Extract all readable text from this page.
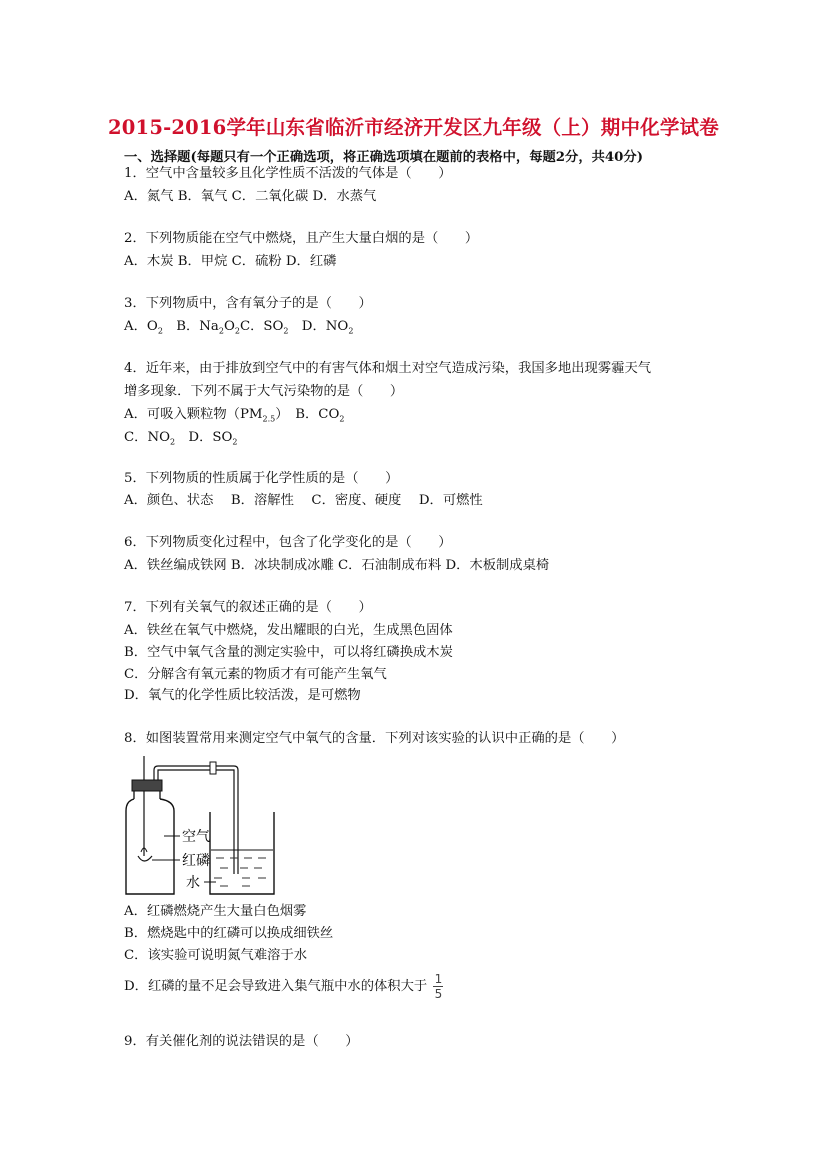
2015-2016学年山东省临沂市经济开发区九年级（上）期中化学试卷
一、选择题(每题只有一个正确选项，将正确选项填在题前的表格中，每题2分，共40分)
1．空气中含量较多且化学性质不活泼的气体是（　　）
A．氮气 B．氧气 C．二氧化碳 D．水蒸气
2．下列物质能在空气中燃烧，且产生大量白烟的是（　　）
A．木炭 B．甲烷 C．硫粉 D．红磷
3．下列物质中，含有氧分子的是（　　）
A．$O_2$　B．$Na_2O_2C$．$SO_2$　D．$NO_2$
4．近年来，由于排放到空气中的有害气体和烟土对空气造成污染，我国多地出现雾霾天气
增多现象．下列不属于大气污染物的是（　　）
A．可吸入颗粒物$(PM_{2.5})$　B．$CO_2$
C．$NO_2$　D．$SO_2$
5．下列物质的性质属于化学性质的是（　　）
A．颜色、状态　 B．溶解性　 C．密度、硬度　 D．可燃性
6．下列物质变化过程中，包含了化学变化的是（　　）
A．铁丝编成铁网 B．冰块制成冰雕 C．石油制成布料 D．木板制成桌椅
7．下列有关氧气的叙述正确的是（　　）
A．铁丝在氧气中燃烧，发出耀眼的白光，生成黑色固体
B．空气中氧气含量的测定实验中，可以将红磷换成木炭
C．分解含有氧元素的物质才有可能产生氧气
D．氧气的化学性质比较活泼，是可燃物
8．如图装置常用来测定空气中氧气的含量．下列对该实验的认识中正确的是（　　）
空气
红磷
水
A．红磷燃烧产生大量白色烟雾
B．燃烧匙中的红磷可以换成细铁丝
C．该实验可说明氮气难溶于水
D．红磷的量不足会导致进入集气瓶中水的体积大于 $\frac{1}{5}$
9．有关催化剂的说法错误的是（　　）
